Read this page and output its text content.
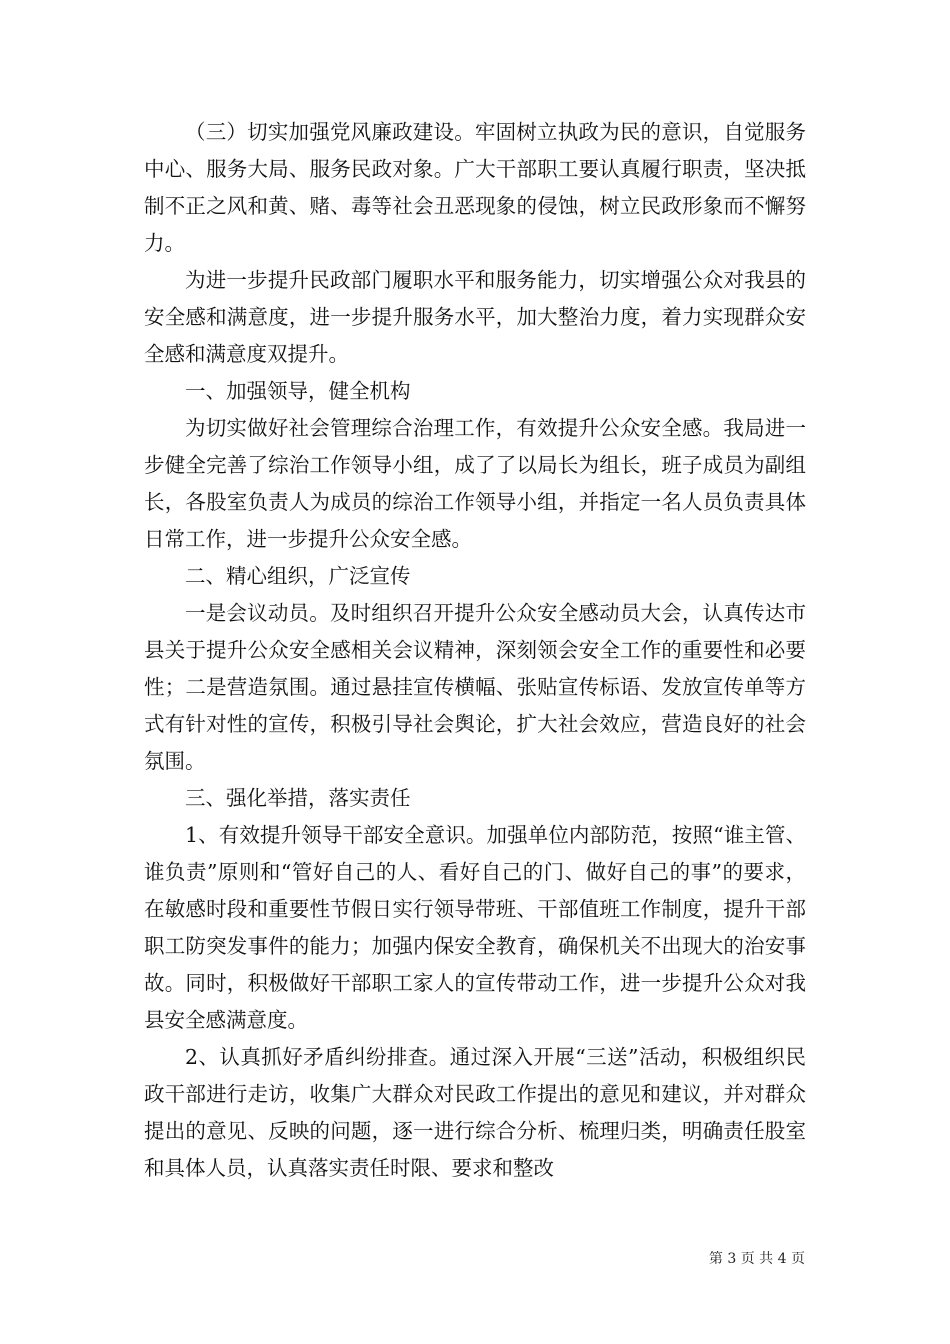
（三）切实加强党风廉政建设。牢固树立执政为民的意识，自觉服务中心、服务大局、服务民政对象。广大干部职工要认真履行职责，坚决抵制不正之风和黄、赌、毒等社会丑恶现象的侵蚀，树立民政形象而不懈努力。

为进一步提升民政部门履职水平和服务能力，切实增强公众对我县的安全感和满意度，进一步提升服务水平，加大整治力度，着力实现群众安全感和满意度双提升。

一、加强领导，健全机构

为切实做好社会管理综合治理工作，有效提升公众安全感。我局进一步健全完善了综治工作领导小组，成了了以局长为组长，班子成员为副组长，各股室负责人为成员的综治工作领导小组，并指定一名人员负责具体日常工作，进一步提升公众安全感。

二、精心组织，广泛宣传

一是会议动员。及时组织召开提升公众安全感动员大会，认真传达市县关于提升公众安全感相关会议精神，深刻领会安全工作的重要性和必要性；二是营造氛围。通过悬挂宣传横幅、张贴宣传标语、发放宣传单等方式有针对性的宣传，积极引导社会舆论，扩大社会效应，营造良好的社会氛围。

三、强化举措，落实责任

1、有效提升领导干部安全意识。加强单位内部防范，按照“谁主管、谁负责”原则和“管好自己的人、看好自己的门、做好自己的事”的要求，在敏感时段和重要性节假日实行领导带班、干部值班工作制度，提升干部职工防突发事件的能力；加强内保安全教育，确保机关不出现大的治安事故。同时，积极做好干部职工家人的宣传带动工作，进一步提升公众对我县安全感满意度。

2、认真抓好矛盾纠纷排查。通过深入开展“三送”活动，积极组织民政干部进行走访，收集广大群众对民政工作提出的意见和建议，并对群众提出的意见、反映的问题，逐一进行综合分析、梳理归类，明确责任股室和具体人员，认真落实责任时限、要求和整改

第 3 页 共 4 页
